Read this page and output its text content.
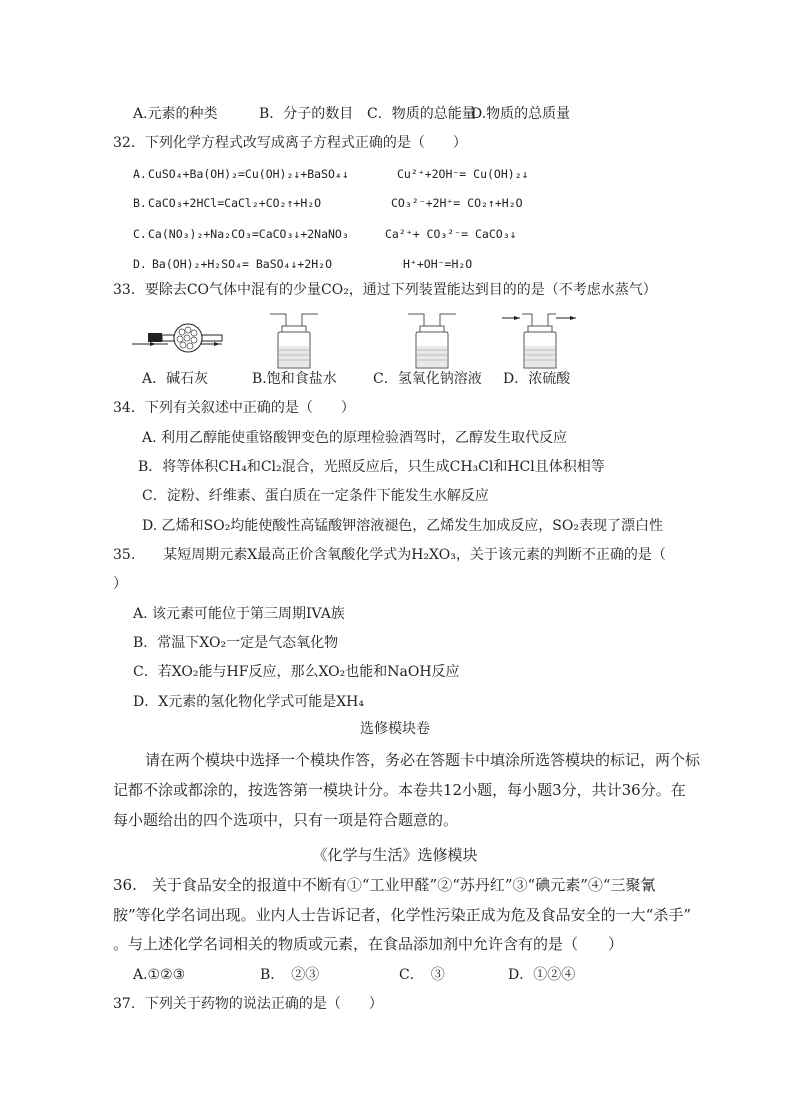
A.元素的种类	B．分子的数目 C．物质的总能量
D.物质的总质量
32．下列化学方程式改写成离子方程式正确的是（　　）
A. CuSO₄+Ba(OH)₂=Cu(OH)₂↓+BaSO₄↓	Cu²⁺+2OH⁻= Cu(OH)₂↓
B. CaCO₃+2HCl=CaCl₂+CO₂↑+H₂O	CO₃²⁻+2H⁺= CO₂↑+H₂O
C. Ca(NO₃)₂+Na₂CO₃=CaCO₃↓+2NaNO₃	Ca²⁺+ CO₃²⁻= CaCO₃↓
D. Ba(OH)₂+H₂SO₄= BaSO₄↓+2H₂O	H⁺+OH⁻=H₂O
33．要除去CO气体中混有的少量CO₂，通过下列装置能达到目的的是（不考虑水蒸气）
A．碱石灰	B.饱和食盐水	C．氢氧化钠溶液 D．浓硫酸
34．下列有关叙述中正确的是（　　）
A. 利用乙醇能使重铬酸钾变色的原理检验酒驾时，乙醇发生取代反应
B．将等体积CH₄和Cl₂混合，光照反应后，只生成CH₃Cl和HCl且体积相等
C．淀粉、纤维素、蛋白质在一定条件下能发生水解反应
D. 乙烯和SO₂均能使酸性高锰酸钾溶液褪色，乙烯发生加成反应，SO₂表现了漂白性
35.　　某短周期元素X最高正价含氧酸化学式为H₂XO₃，关于该元素的判断不正确的是（
）
A. 该元素可能位于第三周期IVA族
B．常温下XO₂一定是气态氧化物
C．若XO₂能与HF反应，那么XO₂也能和NaOH反应
D．X元素的氢化物化学式可能是XH₄
选修模块卷
请在两个模块中选择一个模块作答，务必在答题卡中填涂所选答模块的标记，两个标
记都不涂或都涂的，按选答第一模块计分。本卷共12小题，每小题3分，共计36分。在
每小题给出的四个选项中，只有一项是符合题意的。
《化学与生活》选修模块
36.　关于食品安全的报道中不断有①“工业甲醛”②“苏丹红”③“碘元素”④“三聚氰
胺”等化学名词出现。业内人士告诉记者，化学性污染正成为危及食品安全的一大“杀手”
。与上述化学名词相关的物质或元素，在食品添加剂中允许含有的是（　　）
A.①②③	B．　②③	C．　③	D．①②④
37．下列关于药物的说法正确的是（　　）
